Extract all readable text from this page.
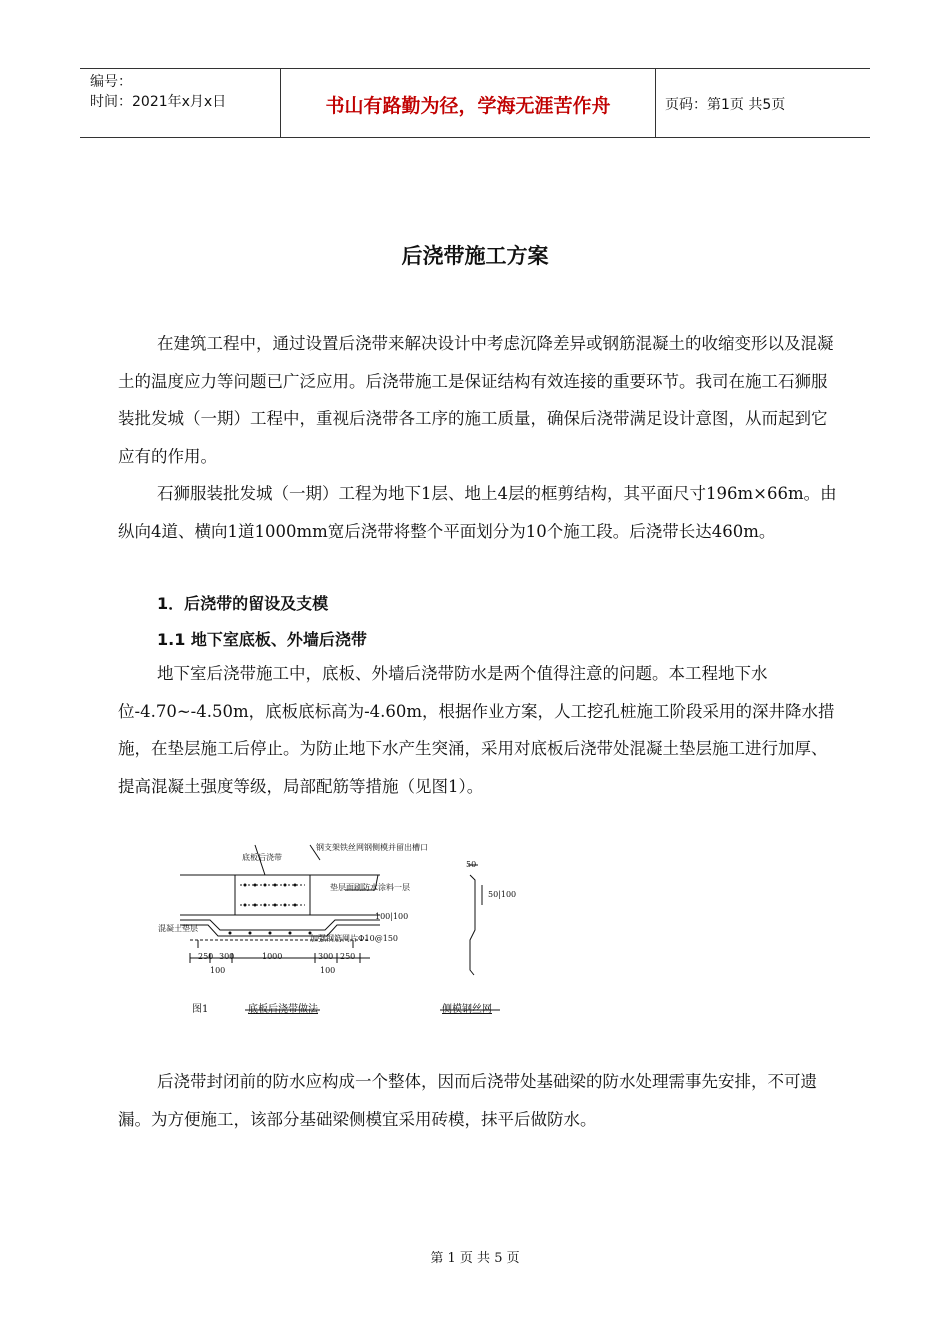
编号：
时间：2021年x月x日	书山有路勤为径，学海无涯苦作舟	页码：第1页 共5页
后浇带施工方案

在建筑工程中，通过设置后浇带来解决设计中考虑沉降差异或钢筋混凝土的收缩变形以及混凝土的温度应力等问题已广泛应用。后浇带施工是保证结构有效连接的重要环节。我司在施工石狮服装批发城（一期）工程中，重视后浇带各工序的施工质量，确保后浇带满足设计意图，从而起到它应有的作用。

石狮服装批发城（一期）工程为地下1层、地上4层的框剪结构，其平面尺寸196m×66m。由纵向4道、横向1道1000mm宽后浇带将整个平面划分为10个施工段。后浇带长达460m。

1．后浇带的留设及支模
1.1 地下室底板、外墙后浇带

地下室后浇带施工中，底板、外墙后浇带防水是两个值得注意的问题。本工程地下水位-4.70~-4.50m，底板底标高为-4.60m，根据作业方案，人工挖孔桩施工阶段采用的深井降水措施，在垫层施工后停止。为防止地下水产生突涌，采用对底板后浇带处混凝土垫层施工进行加厚、提高混凝土强度等级，局部配筋等措施（见图1）。

底板后浇带
钢支架铁丝网钢侧模并留出槽口
垫层面刷防水涂料一层
混凝土垫层
加强钢筋网片Φ10@150
250 300	1000	300 250
100	100
100|100
50
50|100
图1	底板后浇带做法	侧模钢丝网

后浇带封闭前的防水应构成一个整体，因而后浇带处基础梁的防水处理需事先安排，不可遗漏。为方便施工，该部分基础梁侧模宜采用砖模，抹平后做防水。

第 1 页 共 5 页
